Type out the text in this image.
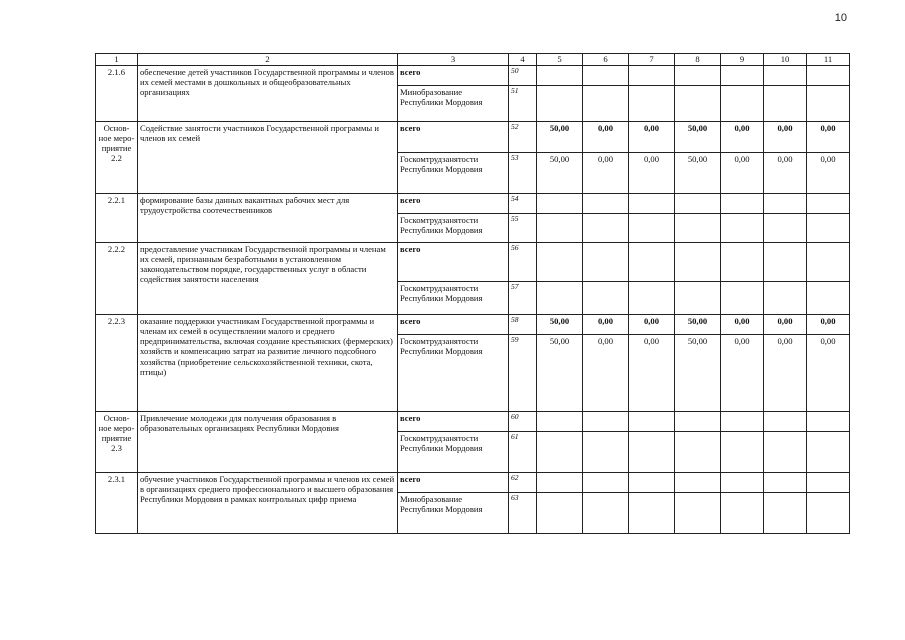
10
1	2	3	4	5	6	7	8	9	10	11
2.1.6	обеспечение детей участников Государственной программы и членов их семей местами в дошкольных и общеобразовательных организациях	всего	50							
		Минобразование Республики Мордовия	51							
Основ-ное меро-приятие 2.2	Содействие занятости участников Государственной программы и членов их семей	всего	52	50,00	0,00	0,00	50,00	0,00	0,00	0,00
		Госкомтрудзанятости Республики Мордовия	53	50,00	0,00	0,00	50,00	0,00	0,00	0,00
2.2.1	формирование базы данных вакантных рабочих мест для трудоустройства соотечественников	всего	54							
		Госкомтрудзанятости Республики Мордовия	55							
2.2.2	предоставление участникам Государственной программы и членам их семей, признанным безработными в установленном законодательством порядке, государственных услуг в области содействия занятости населения	всего	56							
		Госкомтрудзанятости Республики Мордовия	57							
2.2.3	оказание поддержки участникам Государственной программы и членам их семей в осуществлении малого и среднего предпринимательства, включая создание крестьянских (фермерских) хозяйств и компенсацию затрат на развитие личного подсобного хозяйства (приобретение сельскохозяйственной техники, скота, птицы)	всего	58	50,00	0,00	0,00	50,00	0,00	0,00	0,00
		Госкомтрудзанятости Республики Мордовия	59	50,00	0,00	0,00	50,00	0,00	0,00	0,00
Основ-ное меро-приятие 2.3	Привлечение молодежи для получения образования в образовательных организациях Республики Мордовия	всего	60							
		Госкомтрудзанятости Республики Мордовия	61							
2.3.1	обучение участников Государственной программы и членов их семей в организациях среднего профессионального и высшего образования Республики Мордовия в рамках контрольных цифр приема	всего	62							
		Минобразование Республики Мордовия	63							
